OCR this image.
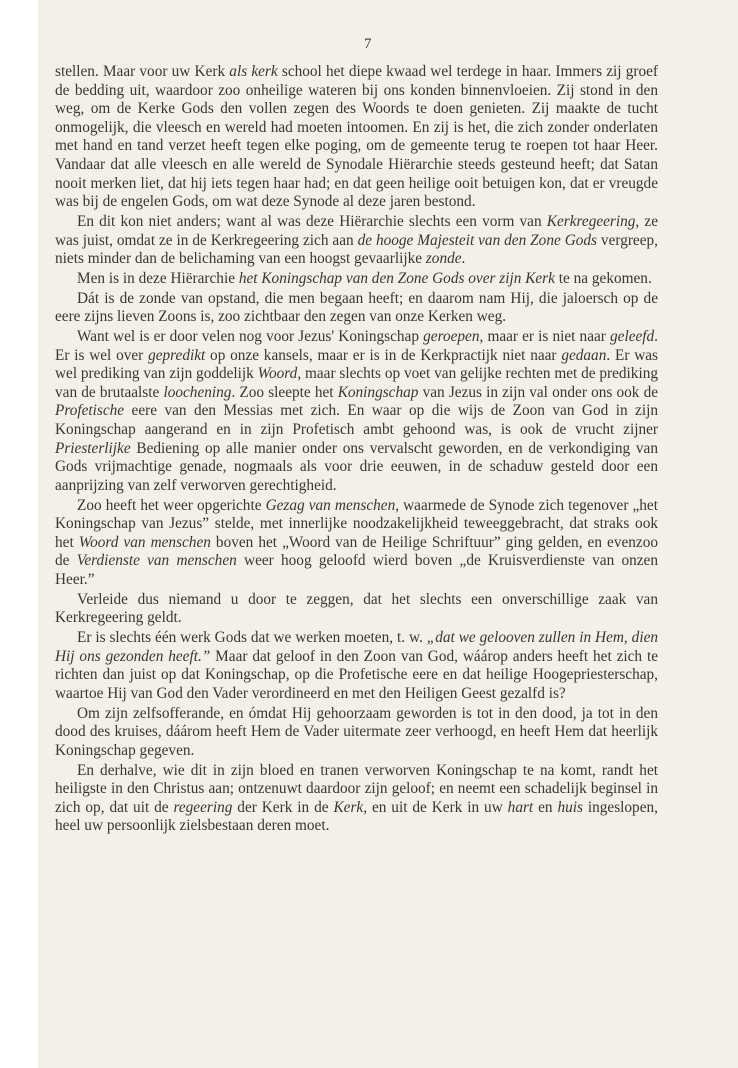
7

stellen. Maar voor uw Kerk als kerk school het diepe kwaad wel terdege in haar. Immers zij groef de bedding uit, waardoor zoo onheilige wateren bij ons konden binnenvloeien. Zij stond in den weg, om de Kerke Gods den vollen zegen des Woords te doen genieten. Zij maakte de tucht onmogelijk, die vleesch en wereld had moeten intoomen. En zij is het, die zich zonder onderlaten met hand en tand verzet heeft tegen elke poging, om de gemeente terug te roepen tot haar Heer. Vandaar dat alle vleesch en alle wereld de Synodale Hiërarchie steeds gesteund heeft; dat Satan nooit merken liet, dat hij iets tegen haar had; en dat geen heilige ooit betuigen kon, dat er vreugde was bij de engelen Gods, om wat deze Synode al deze jaren bestond.

En dit kon niet anders; want al was deze Hiërarchie slechts een vorm van Kerkregeering, ze was juist, omdat ze in de Kerkregeering zich aan de hooge Majesteit van den Zone Gods vergreep, niets minder dan de belichaming van een hoogst gevaarlijke zonde.

Men is in deze Hiërarchie het Koningschap van den Zone Gods over zijn Kerk te na gekomen.

Dát is de zonde van opstand, die men begaan heeft; en daarom nam Hij, die jaloersch op de eere zijns lieven Zoons is, zoo zichtbaar den zegen van onze Kerken weg.

Want wel is er door velen nog voor Jezus' Koningschap geroepen, maar er is niet naar geleefd. Er is wel over gepredikt op onze kansels, maar er is in de Kerkpractijk niet naar gedaan. Er was wel prediking van zijn goddelijk Woord, maar slechts op voet van gelijke rechten met de prediking van de brutaalste loochening. Zoo sleepte het Koningschap van Jezus in zijn val onder ons ook de Profetische eere van den Messias met zich. En waar op die wijs de Zoon van God in zijn Koningschap aangerand en in zijn Profetisch ambt gehoond was, is ook de vrucht zijner Priesterlijke Bediening op alle manier onder ons vervalscht geworden, en de verkondiging van Gods vrijmachtige genade, nogmaals als voor drie eeuwen, in de schaduw gesteld door een aanprijzing van zelf verworven gerechtigheid.

Zoo heeft het weer opgerichte Gezag van menschen, waarmede de Synode zich tegenover „het Koningschap van Jezus” stelde, met innerlijke noodzakelijkheid teweeggebracht, dat straks ook het Woord van menschen boven het „Woord van de Heilige Schriftuur” ging gelden, en evenzoo de Verdienste van menschen weer hoog geloofd wierd boven „de Kruisverdienste van onzen Heer.”

Verleide dus niemand u door te zeggen, dat het slechts een onverschillige zaak van Kerkregeering geldt.

Er is slechts één werk Gods dat we werken moeten, t. w. „dat we gelooven zullen in Hem, dien Hij ons gezonden heeft.” Maar dat geloof in den Zoon van God, wáárop anders heeft het zich te richten dan juist op dat Koningschap, op die Profetische eere en dat heilige Hoogepriesterschap, waartoe Hij van God den Vader verordineerd en met den Heiligen Geest gezalfd is?

Om zijn zelfsofferande, en ómdat Hij gehoorzaam geworden is tot in den dood, ja tot in den dood des kruises, dáárom heeft Hem de Vader uitermate zeer verhoogd, en heeft Hem dat heerlijk Koningschap gegeven.

En derhalve, wie dit in zijn bloed en tranen verworven Koningschap te na komt, randt het heiligste in den Christus aan; ontzenuwt daardoor zijn geloof; en neemt een schadelijk beginsel in zich op, dat uit de regeering der Kerk in de Kerk, en uit de Kerk in uw hart en huis ingeslopen, heel uw persoonlijk zielsbestaan deren moet.
